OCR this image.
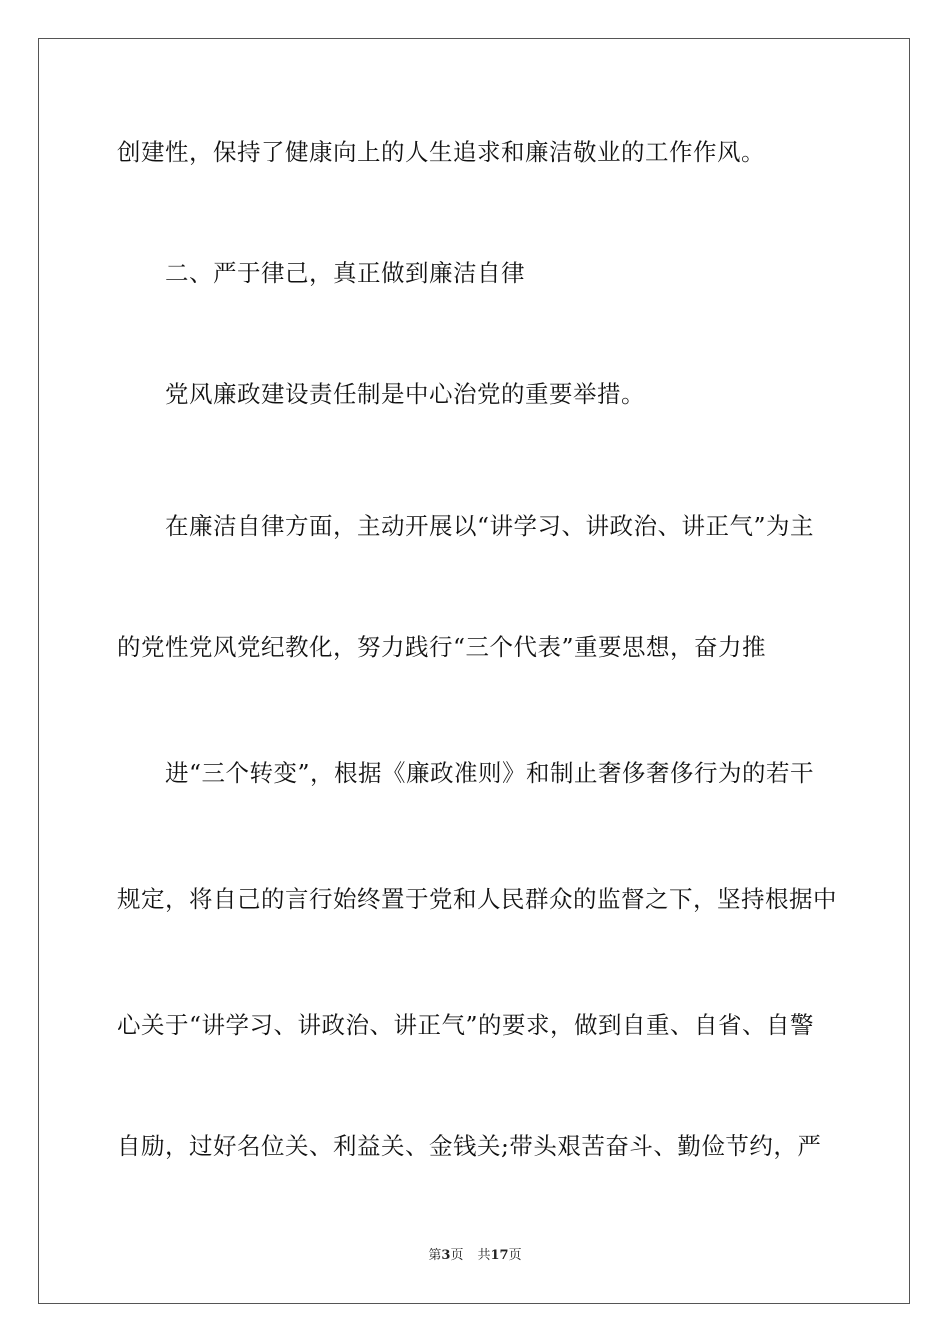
创建性，保持了健康向上的人生追求和廉洁敬业的工作作风。
二、严于律己，真正做到廉洁自律
党风廉政建设责任制是中心治党的重要举措。
在廉洁自律方面，主动开展以“讲学习、讲政治、讲正气”为主
的党性党风党纪教化，努力践行“三个代表”重要思想，奋力推
进“三个转变”，根据《廉政准则》和制止奢侈奢侈行为的若干
规定，将自己的言行始终置于党和人民群众的监督之下，坚持根据中
心关于“讲学习、讲政治、讲正气”的要求，做到自重、自省、自警
自励，过好名位关、利益关、金钱关;带头艰苦奋斗、勤俭节约，严
第3页 共17页
